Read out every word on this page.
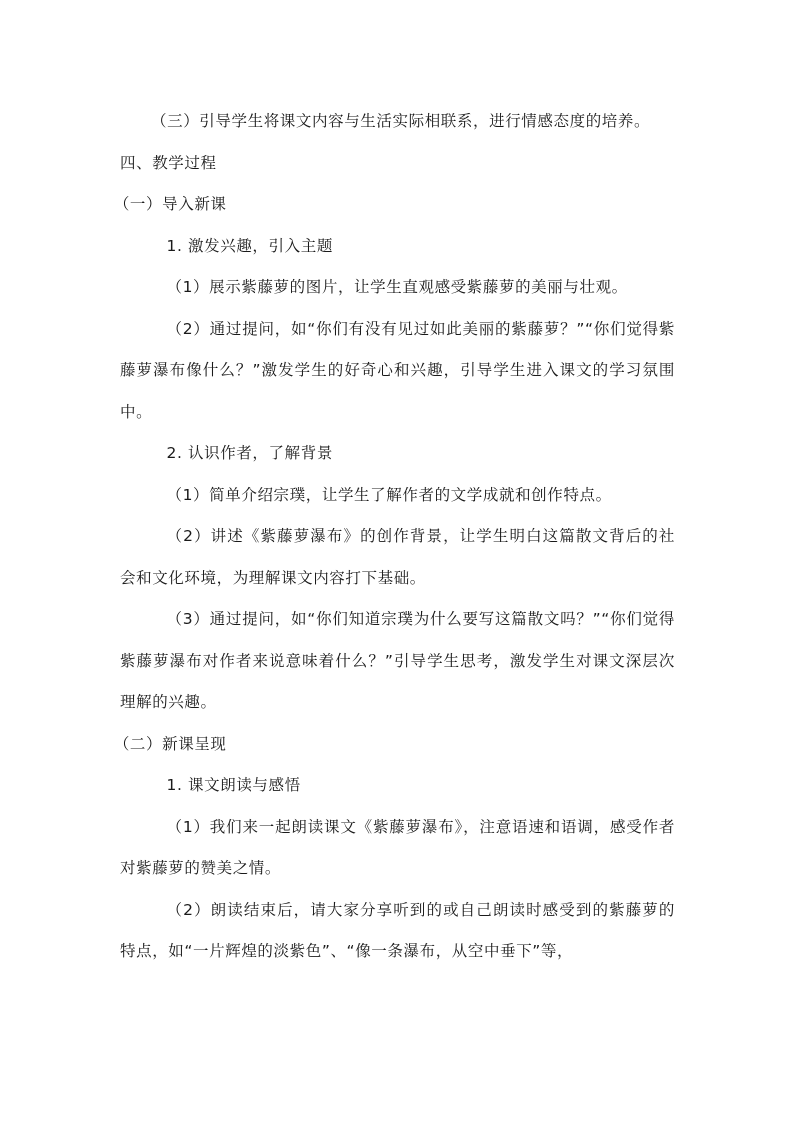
（三）引导学生将课文内容与生活实际相联系，进行情感态度的培养。

四、教学过程

（一）导入新课

1. 激发兴趣，引入主题

（1）展示紫藤萝的图片，让学生直观感受紫藤萝的美丽与壮观。

（2）通过提问，如“你们有没有见过如此美丽的紫藤萝？”“你们觉得紫藤萝瀑布像什么？”激发学生的好奇心和兴趣，引导学生进入课文的学习氛围中。

2. 认识作者，了解背景

（1）简单介绍宗璞，让学生了解作者的文学成就和创作特点。

（2）讲述《紫藤萝瀑布》的创作背景，让学生明白这篇散文背后的社会和文化环境，为理解课文内容打下基础。

（3）通过提问，如“你们知道宗璞为什么要写这篇散文吗？”“你们觉得紫藤萝瀑布对作者来说意味着什么？”引导学生思考，激发学生对课文深层次理解的兴趣。

（二）新课呈现

1. 课文朗读与感悟

（1）我们来一起朗读课文《紫藤萝瀑布》，注意语速和语调，感受作者对紫藤萝的赞美之情。

（2）朗读结束后，请大家分享听到的或自己朗读时感受到的紫藤萝的特点，如“一片辉煌的淡紫色”、“像一条瀑布，从空中垂下”等，
